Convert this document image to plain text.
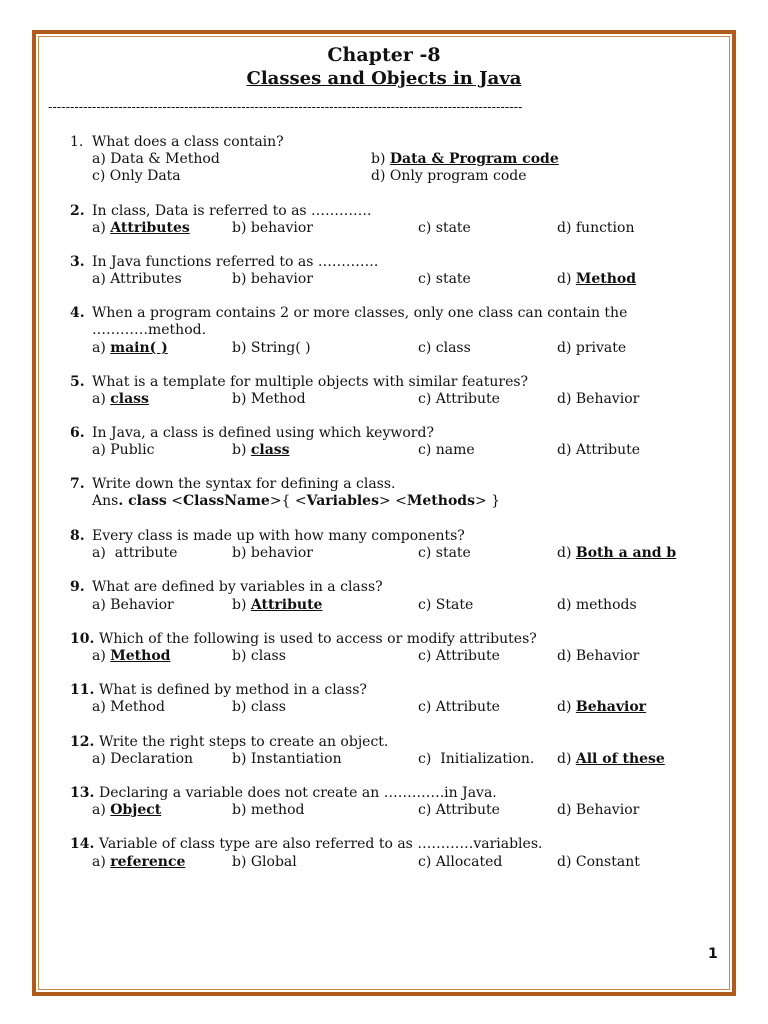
Chapter -8
Classes and Objects in Java
------------------------------------------------------------------------------------------------------------
1. What does a class contain?
a) Data & Method	b) Data & Program code
c) Only Data	d) Only program code
2. In class, Data is referred to as ………….
a) Attributes	b) behavior	c) state	d) function
3. In Java functions referred to as ………….
a) Attributes	b) behavior	c) state	d) Method
4. When a program contains 2 or more classes, only one class can contain the
…………method.
a) main( )	b) String( )	c) class	d) private
5. What is a template for multiple objects with similar features?
a) class	b) Method	c) Attribute	d) Behavior
6. In Java, a class is defined using which keyword?
a) Public	b) class	c) name	d) Attribute
7. Write down the syntax for defining a class.
Ans. class <ClassName>{ <Variables> <Methods> }
8. Every class is made up with how many components?
a)  attribute	b) behavior	c) state	d) Both a and b
9. What are defined by variables in a class?
a) Behavior	b) Attribute	c) State	d) methods
10. Which of the following is used to access or modify attributes?
a) Method	b) class	c) Attribute	d) Behavior
11. What is defined by method in a class?
a) Method	b) class	c) Attribute	d) Behavior
12. Write the right steps to create an object.
a) Declaration	b) Instantiation	c)  Initialization. d) All of these
13. Declaring a variable does not create an ………….in Java.
a) Object	b) method	c) Attribute	d) Behavior
14. Variable of class type are also referred to as …………variables.
a) reference	b) Global	c) Allocated	d) Constant
1
